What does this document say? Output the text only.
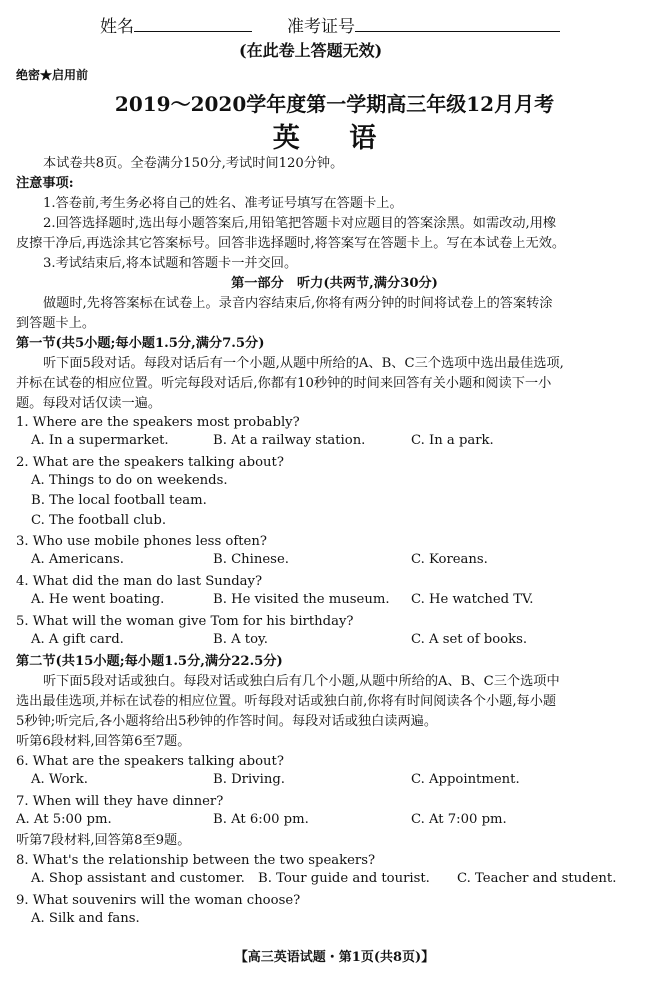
姓名	准考证号
(在此卷上答题无效)
绝密★启用前
2019～2020学年度第一学期高三年级12月月考
英 语
本试卷共8页。全卷满分150分,考试时间120分钟。
注意事项:
1.答卷前,考生务必将自己的姓名、准考证号填写在答题卡上。
2.回答选择题时,选出每小题答案后,用铅笔把答题卡对应题目的答案涂黑。如需改动,用橡
皮擦干净后,再选涂其它答案标号。回答非选择题时,将答案写在答题卡上。写在本试卷上无效。
3.考试结束后,将本试题和答题卡一并交回。
第一部分　听力(共两节,满分30分)
做题时,先将答案标在试卷上。录音内容结束后,你将有两分钟的时间将试卷上的答案转涂
到答题卡上。
第一节(共5小题;每小题1.5分,满分7.5分)
听下面5段对话。每段对话后有一个小题,从题中所给的A、B、C三个选项中选出最佳选项,
并标在试卷的相应位置。听完每段对话后,你都有10秒钟的时间来回答有关小题和阅读下一小
题。每段对话仅读一遍。
1. Where are the speakers most probably?
A. In a supermarket.	B. At a railway station.	C. In a park.
2. What are the speakers talking about?
A. Things to do on weekends.
B. The local football team.
C. The football club.
3. Who use mobile phones less often?
A. Americans.	B. Chinese.	C. Koreans.
4. What did the man do last Sunday?
A. He went boating.	B. He visited the museum. C. He watched TV.
5. What will the woman give Tom for his birthday?
A. A gift card.	B. A toy.	C. A set of books.
第二节(共15小题;每小题1.5分,满分22.5分)
听下面5段对话或独白。每段对话或独白后有几个小题,从题中所给的A、B、C三个选项中
选出最佳选项,并标在试卷的相应位置。听每段对话或独白前,你将有时间阅读各个小题,每小题
5秒钟;听完后,各小题将给出5秒钟的作答时间。每段对话或独白读两遍。
听第6段材料,回答第6至7题。
6. What are the speakers talking about?
A. Work.	B. Driving.	C. Appointment.
7. When will they have dinner?
A. At 5:00 pm.	B. At 6:00 pm.	C. At 7:00 pm.
听第7段材料,回答第8至9题。
8. What's the relationship between the two speakers?
A. Shop assistant and customer. B. Tour guide and tourist. C. Teacher and student.
9. What souvenirs will the woman choose?
A. Silk and fans.
【高三英语试题・第1页(共8页)】
